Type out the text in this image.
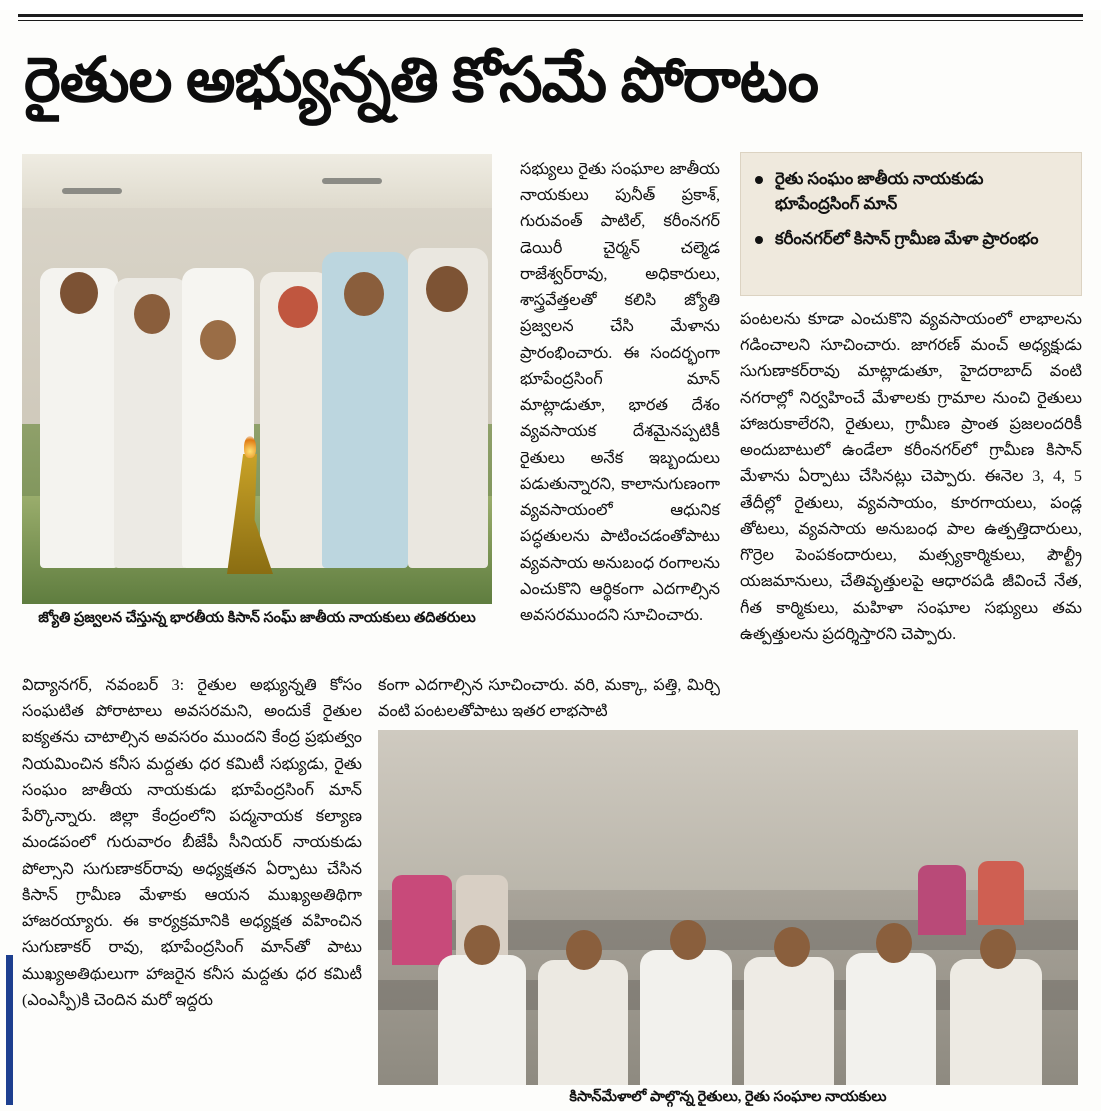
రైతుల అభ్యున్నతి కోసమే పోరాటం
జ్యోతి ప్రజ్వలన చేస్తున్న భారతీయ కిసాన్ సంఘ్ జాతీయ నాయకులు తదితరులు
రైతు సంఘం జాతీయ నాయకుడు భూపేంద్రసింగ్ మాన్
కరీంనగర్‌లో కిసాన్ గ్రామీణ మేళా ప్రారంభం
సభ్యులు రైతు సంఘాల జాతీయ నాయకులు పునీత్ ప్రకాశ్, గురువంత్ పాటిల్, కరీంనగర్ డెయిరీ చైర్మన్ చల్మెడ రాజేశ్వర్‌రావు, అధికారులు, శాస్త్రవేత్తలతో కలిసి జ్యోతి ప్రజ్వలన చేసి మేళాను ప్రారంభించారు. ఈ సందర్భంగా భూపేంద్రసింగ్ మాన్ మాట్లాడుతూ, భారత దేశం వ్యవసాయక దేశమైనప్పటికీ రైతులు అనేక ఇబ్బందులు పడుతున్నారని, కాలానుగుణంగా వ్యవసాయంలో ఆధునిక పద్ధతులను పాటించడంతోపాటు వ్యవసాయ అనుబంధ రంగాలను ఎంచుకొని ఆర్థికంగా ఎదగాల్సిన అవసరముందని సూచించారు.
పంటలను కూడా ఎంచుకొని వ్యవసాయంలో లాభాలను గడించాలని సూచించారు. జాగరణ్ మంచ్ అధ్యక్షుడు సుగుణాకర్‌రావు మాట్లాడుతూ, హైదరాబాద్ వంటి నగరాల్లో నిర్వహించే మేళాలకు గ్రామాల నుంచి రైతులు హాజరుకాలేరని, రైతులు, గ్రామీణ ప్రాంత ప్రజలందరికీ అందుబాటులో ఉండేలా కరీంనగర్‌లో గ్రామీణ కిసాన్ మేళాను ఏర్పాటు చేసినట్లు చెప్పారు. ఈనెల 3, 4, 5 తేదీల్లో రైతులు, వ్యవసాయం, కూరగాయలు, పండ్ల తోటలు, వ్యవసాయ అనుబంధ పాల ఉత్పత్తిదారులు, గొర్రెల పెంపకందారులు, మత్స్యకార్మికులు, పౌల్ట్రీ యజమానులు, చేతివృత్తులపై ఆధారపడి జీవించే నేత, గీత కార్మికులు, మహిళా సంఘాల సభ్యులు తమ ఉత్పత్తులను ప్రదర్శిస్తారని చెప్పారు.
విద్యానగర్, నవంబర్ 3: రైతుల అభ్యున్నతి కోసం సంఘటిత పోరాటాలు అవసరమని, అందుకే రైతుల ఐక్యతను చాటాల్సిన అవసరం ముందని కేంద్ర ప్రభుత్వం నియమించిన కనీస మద్దతు ధర కమిటీ సభ్యుడు, రైతు సంఘం జాతీయ నాయకుడు భూపేంద్రసింగ్ మాన్ పేర్కొన్నారు. జిల్లా కేంద్రంలోని పద్మనాయక కల్యాణ మండపంలో గురువారం బీజేపీ సీనియర్ నాయకుడు పోల్సాని సుగుణాకర్‌రావు అధ్యక్షతన ఏర్పాటు చేసిన కిసాన్ గ్రామీణ మేళాకు ఆయన ముఖ్యఅతిథిగా హాజరయ్యారు. ఈ కార్యక్రమానికి అధ్యక్షత వహించిన సుగుణాకర్ రావు, భూపేంద్రసింగ్ మాన్‌తో పాటు ముఖ్యఅతిథులుగా హాజరైన కనీస మద్దతు ధర కమిటీ (ఎంఎస్పీ)కి చెందిన మరో ఇద్దరు
కంగా ఎదగాల్సిన సూచించారు. వరి, మక్కా, పత్తి, మిర్చి వంటి పంటలతోపాటు ఇతర లాభసాటి
కిసాన్‌మేళాలో పాల్గొన్న రైతులు, రైతు సంఘాల నాయకులు
